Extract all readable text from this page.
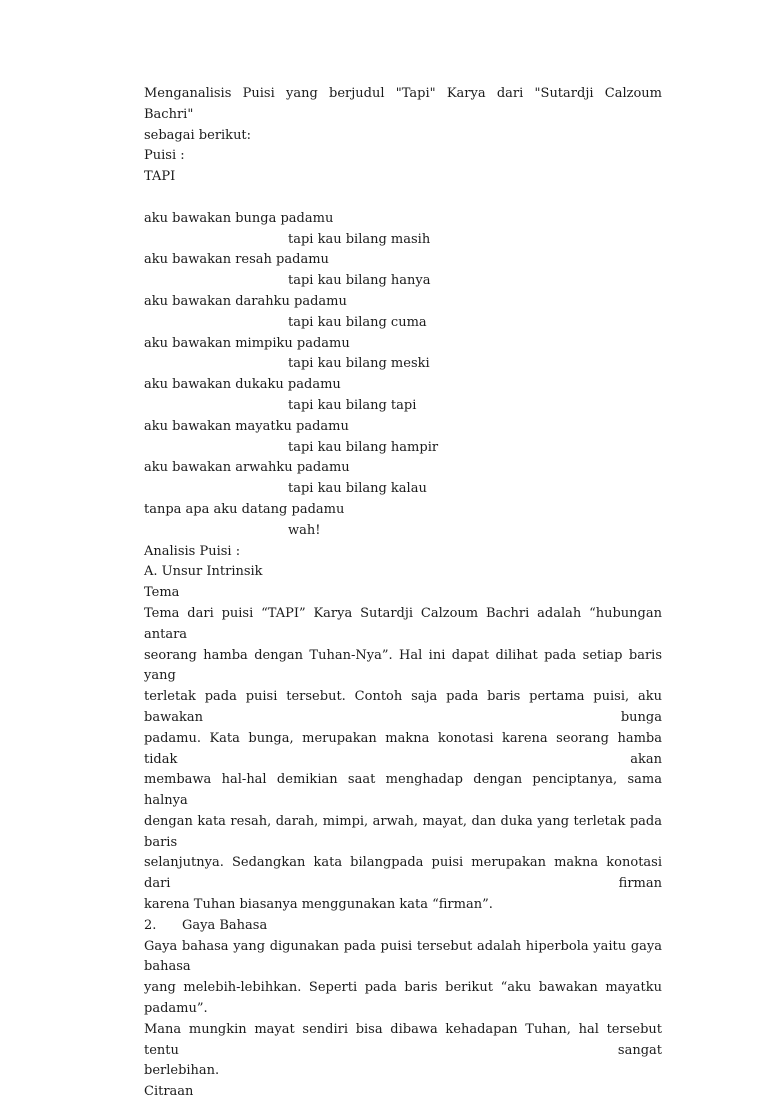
Menganalisis Puisi yang berjudul "Tapi" Karya dari "Sutardji Calzoum Bachri"

sebagai berikut:

Puisi :

TAPI

aku bawakan bunga padamu

tapi kau bilang masih

aku bawakan resah padamu

tapi kau bilang hanya

aku bawakan darahku padamu

tapi kau bilang cuma

aku bawakan mimpiku padamu

tapi kau bilang meski

aku bawakan dukaku padamu

tapi kau bilang tapi

aku bawakan mayatku padamu

tapi kau bilang hampir

aku bawakan arwahku padamu

tapi kau bilang kalau

tanpa apa aku datang padamu

wah!

Analisis Puisi :

A. Unsur Intrinsik

Tema

Tema dari puisi “TAPI” Karya Sutardji Calzoum Bachri adalah “hubungan antara

seorang hamba dengan Tuhan-Nya”. Hal ini dapat dilihat pada setiap baris yang

terletak pada puisi tersebut. Contoh saja pada baris pertama puisi, aku bawakan bunga

padamu. Kata bunga, merupakan makna konotasi karena seorang hamba tidak akan

membawa hal-hal demikian saat menghadap dengan penciptanya, sama halnya

dengan kata resah, darah, mimpi, arwah, mayat, dan duka yang terletak pada baris

selanjutnya. Sedangkan kata bilangpada puisi merupakan makna konotasi dari firman

karena Tuhan biasanya menggunakan kata “firman”.

2.	Gaya Bahasa

Gaya bahasa yang digunakan pada puisi tersebut adalah hiperbola yaitu gaya bahasa

yang melebih-lebihkan. Seperti pada baris berikut “aku bawakan mayatku padamu”.

Mana mungkin mayat sendiri bisa dibawa kehadapan Tuhan, hal tersebut tentu sangat

berlebihan.

Citraan
